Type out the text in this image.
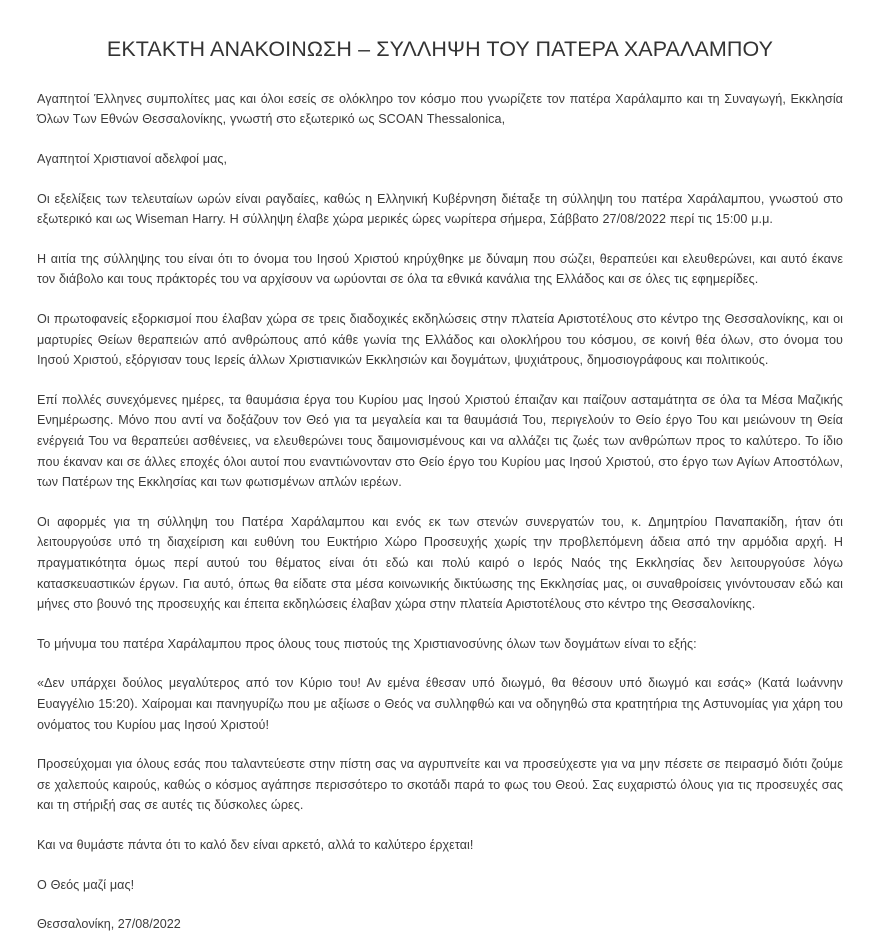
ΕΚΤΑΚΤΗ ΑΝΑΚΟΙΝΩΣΗ – ΣΥΛΛΗΨΗ ΤΟΥ ΠΑΤΕΡΑ ΧΑΡΑΛΑΜΠΟΥ

Αγαπητοί Έλληνες συμπολίτες μας και όλοι εσείς σε ολόκληρο τον κόσμο που γνωρίζετε τον πατέρα Χαράλαμπο και τη Συναγωγή, Εκκλησία Όλων Των Εθνών Θεσσαλονίκης, γνωστή στο εξωτερικό ως SCOAN Thessalonica,

Αγαπητοί Χριστιανοί αδελφοί μας,

Οι εξελίξεις των τελευταίων ωρών είναι ραγδαίες, καθώς η Ελληνική Κυβέρνηση διέταξε τη σύλληψη του πατέρα Χαράλαμπου, γνωστού στο εξωτερικό και ως Wiseman Harry. Η σύλληψη έλαβε χώρα μερικές ώρες νωρίτερα σήμερα, Σάββατο 27/08/2022 περί τις 15:00 μ.μ.

Η αιτία της σύλληψης του είναι ότι το όνομα του Ιησού Χριστού κηρύχθηκε με δύναμη που σώζει, θεραπεύει και ελευθερώνει, και αυτό έκανε τον διάβολο και τους πράκτορές του να αρχίσουν να ωρύονται σε όλα τα εθνικά κανάλια της Ελλάδος και σε όλες τις εφημερίδες.

Οι πρωτοφανείς εξορκισμοί που έλαβαν χώρα σε τρεις διαδοχικές εκδηλώσεις στην πλατεία Αριστοτέλους στο κέντρο της Θεσσαλονίκης, και οι μαρτυρίες Θείων θεραπειών από ανθρώπους από κάθε γωνία της Ελλάδος και ολοκλήρου του κόσμου, σε κοινή θέα όλων, στο όνομα του Ιησού Χριστού, εξόργισαν τους Ιερείς άλλων Χριστιανικών Εκκλησιών και δογμάτων, ψυχιάτρους, δημοσιογράφους και πολιτικούς.

Επί πολλές συνεχόμενες ημέρες, τα θαυμάσια έργα του Κυρίου μας Ιησού Χριστού έπαιζαν και παίζουν ασταμάτητα σε όλα τα Μέσα Μαζικής Ενημέρωσης. Μόνο που αντί να δοξάζουν τον Θεό για τα μεγαλεία και τα θαυμάσιά Του, περιγελούν το Θείο έργο Του και μειώνουν τη Θεία ενέργειά Του να θεραπεύει ασθένειες, να ελευθερώνει τους δαιμονισμένους και να αλλάζει τις ζωές των ανθρώπων προς το καλύτερο. Το ίδιο που έκαναν και σε άλλες εποχές όλοι αυτοί που εναντιώνονταν στο Θείο έργο του Κυρίου μας Ιησού Χριστού, στο έργο των Αγίων Αποστόλων, των Πατέρων της Εκκλησίας και των φωτισμένων απλών ιερέων.

Οι αφορμές για τη σύλληψη του Πατέρα Χαράλαμπου και ενός εκ των στενών συνεργατών του, κ. Δημητρίου Παναπακίδη, ήταν ότι λειτουργούσε υπό τη διαχείριση και ευθύνη του Ευκτήριο Χώρο Προσευχής χωρίς την προβλεπόμενη άδεια από την αρμόδια αρχή. Η πραγματικότητα όμως περί αυτού του θέματος είναι ότι εδώ και πολύ καιρό ο Ιερός Ναός της Εκκλησίας δεν λειτουργούσε λόγω κατασκευαστικών έργων. Για αυτό, όπως θα είδατε στα μέσα κοινωνικής δικτύωσης της Εκκλησίας μας, οι συναθροίσεις γινόντουσαν εδώ και μήνες στο βουνό της προσευχής και έπειτα εκδηλώσεις έλαβαν χώρα στην πλατεία Αριστοτέλους στο κέντρο της Θεσσαλονίκης.

Το μήνυμα του πατέρα Χαράλαμπου προς όλους τους πιστούς της Χριστιανοσύνης όλων των δογμάτων είναι το εξής:

«Δεν υπάρχει δούλος μεγαλύτερος από τον Κύριο του! Αν εμένα έθεσαν υπό διωγμό, θα θέσουν υπό διωγμό και εσάς» (Κατά Ιωάννην Ευαγγέλιο 15:20). Χαίρομαι και πανηγυρίζω που με αξίωσε ο Θεός να συλληφθώ και να οδηγηθώ στα κρατητήρια της Αστυνομίας για χάρη του ονόματος του Κυρίου μας Ιησού Χριστού!

Προσεύχομαι για όλους εσάς που ταλαντεύεστε στην πίστη σας να αγρυπνείτε και να προσεύχεστε για να μην πέσετε σε πειρασμό διότι ζούμε σε χαλεπούς καιρούς, καθώς ο κόσμος αγάπησε περισσότερο το σκοτάδι παρά το φως του Θεού. Σας ευχαριστώ όλους για τις προσευχές σας και τη στήριξή σας σε αυτές τις δύσκολες ώρες.

Και να θυμάστε πάντα ότι το καλό δεν είναι αρκετό, αλλά το καλύτερο έρχεται!

Ο Θεός μαζί μας!

Θεσσαλονίκη, 27/08/2022
